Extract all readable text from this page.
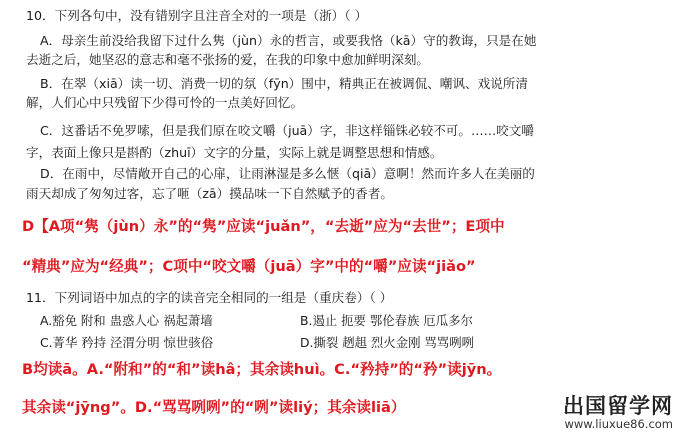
10．下列各句中，没有错别字且注音全对的一项是（浙）（ ）
A．母亲生前没给我留下过什么隽（jùn）永的哲言，或要我恪（kā）守的教诲，只是在她
去逝之后，她坚忍的意志和毫不张扬的爱，在我的印象中愈加鲜明深刻。
B．在翠（xiā）读一切、消费一切的氛（fȳn）围中，精典正在被调侃、嘲讽、戏说所清
解，人们心中只残留下少得可怜的一点美好回忆。
C．这番话不免罗嗦，但是我们原在咬文嚼（juā）字，非这样锱铢必较不可。……咬文嚼
字，表面上像只是斟酌（zhuī）文字的分量，实际上就是调整思想和情感。
D．在雨中，尽情敞开自己的心扉，让雨淋湿是多么惬（qiā）意啊！然而许多人在美丽的
雨天却成了匆匆过客，忘了咂（zā）摸品味一下自然赋予的香者。
D【A项“隽（jùn）永”的“隽”应读“juǎn”，“去逝”应为“去世”；E项中
“精典”应为“经典”；C项中“咬文嚼（juā）字”中的“嚼”应读“jiǎo”
11．下列词语中加点的字的读音完全相同的一组是（重庆卷）（ ）
A.豁免 附和 蛊惑人心 祸起萧墙	B.遏止 扼要 鄂伦春族 厄瓜多尔
C.菁华 矜持 泾渭分明 惊世骇俗	D.撕裂 趔趄 烈火金刚 骂骂咧咧
B均读ā。A.“附和”的“和”读hâ；其余读huì。C.“矜持”的“矜”读jȳn。
其余读“jȳng”。D.“骂骂咧咧”的“咧”读liý；其余读liā）	出国留学网
www.liuxue86.com
